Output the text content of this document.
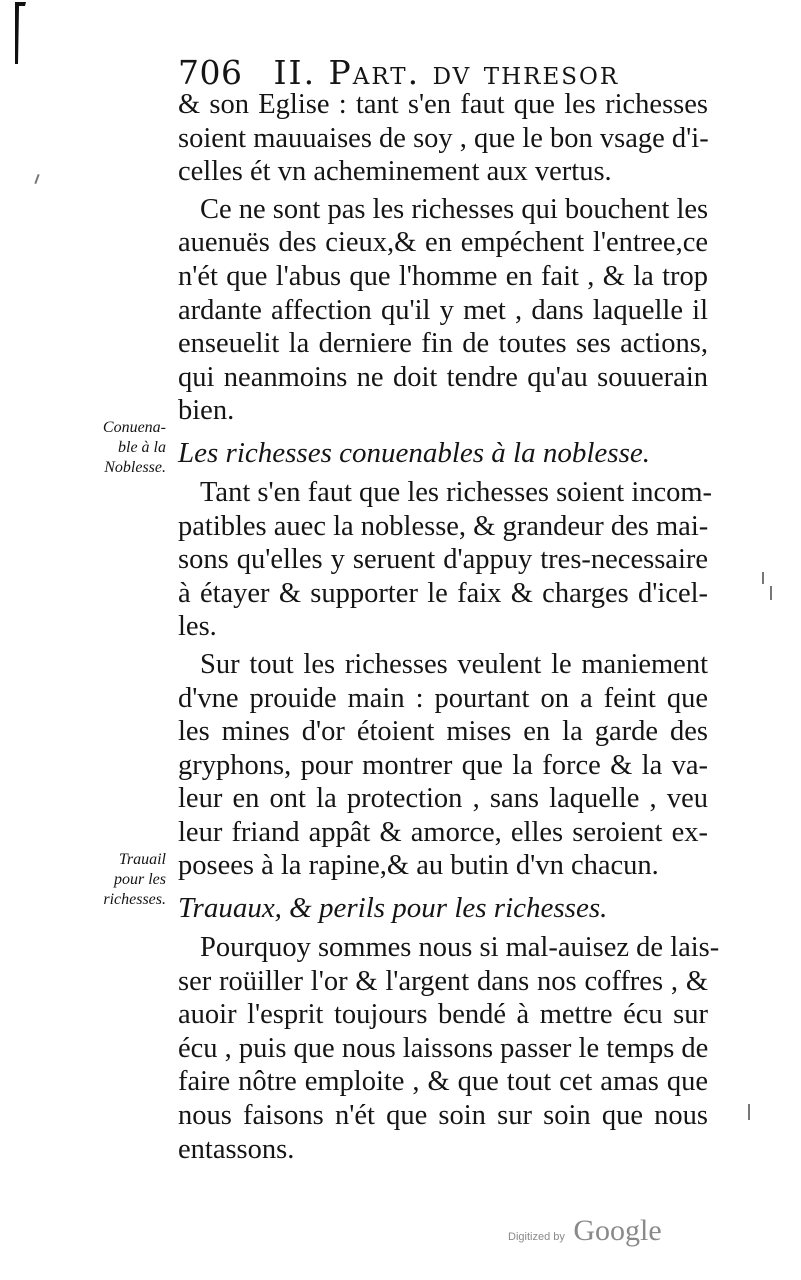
706 II. Part. dv thresor
& son Eglise : tant s'en faut que les richesses
soient mauuaises de soy , que le bon vsage d'i-
celles ét vn acheminement aux vertus.
Ce ne sont pas les richesses qui bouchent les
auenuës des cieux,& en empéchent l'entree,ce
n'ét que l'abus que l'homme en fait , & la trop
ardante affection qu'il y met , dans laquelle il
enseuelit la derniere fin de toutes ses actions,
qui neanmoins ne doit tendre qu'au souuerain
bien.
Les richesses conuenables à la noblesse.
Tant s'en faut que les richesses soient incom-
patibles auec la noblesse, & grandeur des mai-
sons qu'elles y seruent d'appuy tres-necessaire
à étayer & supporter le faix & charges d'icel-
les.
Sur tout les richesses veulent le maniement
d'vne prouide main : pourtant on a feint que
les mines d'or étoient mises en la garde des
gryphons, pour montrer que la force & la va-
leur en ont la protection , sans laquelle , veu
leur friand appât & amorce, elles seroient ex-
posees à la rapine,& au butin d'vn chacun.
Trauaux, & perils pour les richesses.
Pourquoy sommes nous si mal-auisez de lais-
ser roüiller l'or & l'argent dans nos coffres , &
auoir l'esprit toujours bendé à mettre écu sur
écu , puis que nous laissons passer le temps de
faire nôtre emploite , & que tout cet amas que
nous faisons n'ét que soin sur soin que nous
entassons.
Conuena-
ble à la
Noblesse.
Trauail
pour les
richesses.
Digitized by Google
